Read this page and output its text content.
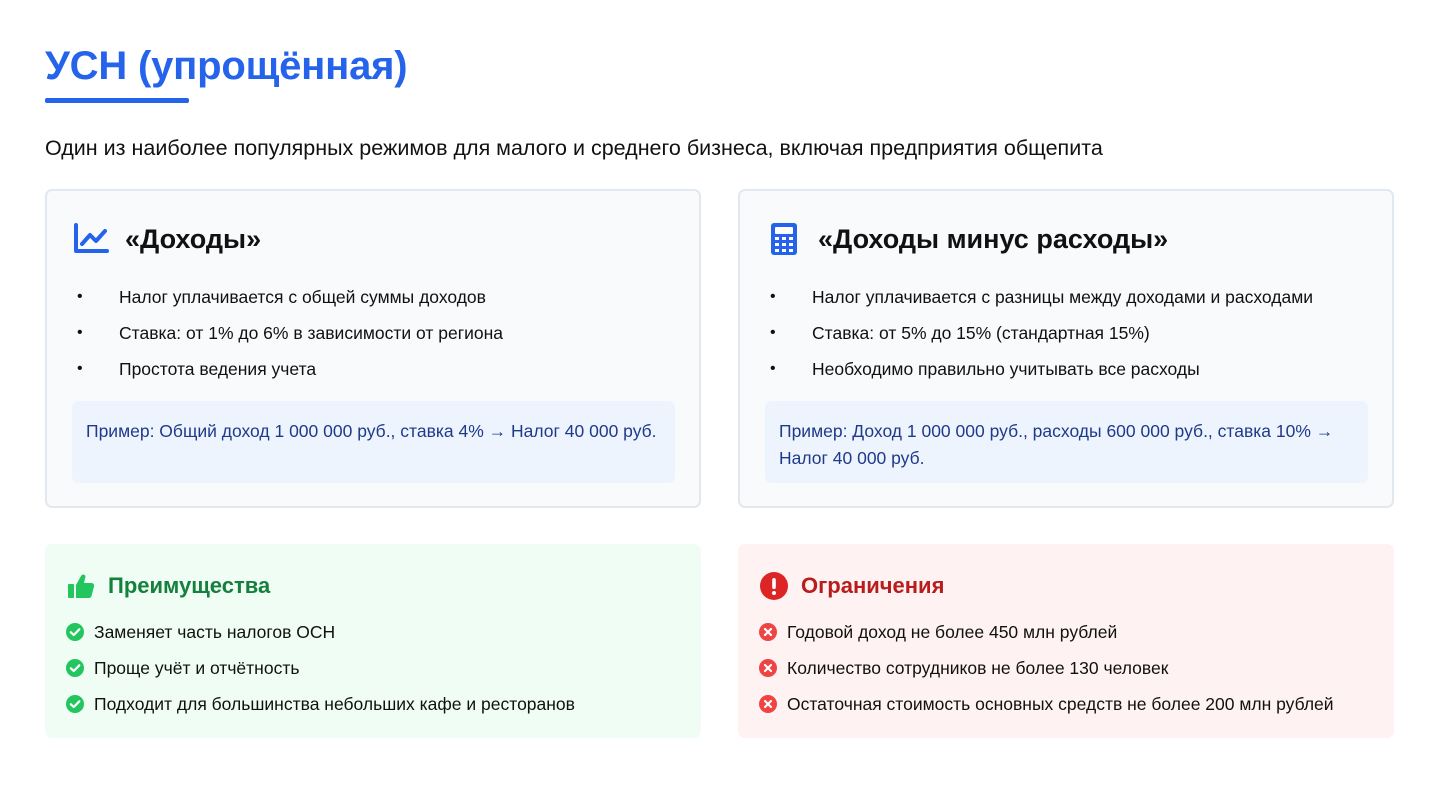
УСН (упрощённая)

Один из наиболее популярных режимов для малого и среднего бизнеса, включая предприятия общепита

«Доходы»
•	Налог уплачивается с общей суммы доходов
•	Ставка: от 1% до 6% в зависимости от региона
•	Простота ведения учета
Пример: Общий доход 1 000 000 руб., ставка 4% → Налог 40 000 руб.
«Доходы минус расходы»
•	Налог уплачивается с разницы между доходами и расходами
•	Ставка: от 5% до 15% (стандартная 15%)
•	Необходимо правильно учитывать все расходы
Пример: Доход 1 000 000 руб., расходы 600 000 руб., ставка 10% → Налог 40 000 руб.
Преимущества
Заменяет часть налогов ОСН
Проще учёт и отчётность
Подходит для большинства небольших кафе и ресторанов
Ограничения
Годовой доход не более 450 млн рублей
Количество сотрудников не более 130 человек
Остаточная стоимость основных средств не более 200 млн рублей
